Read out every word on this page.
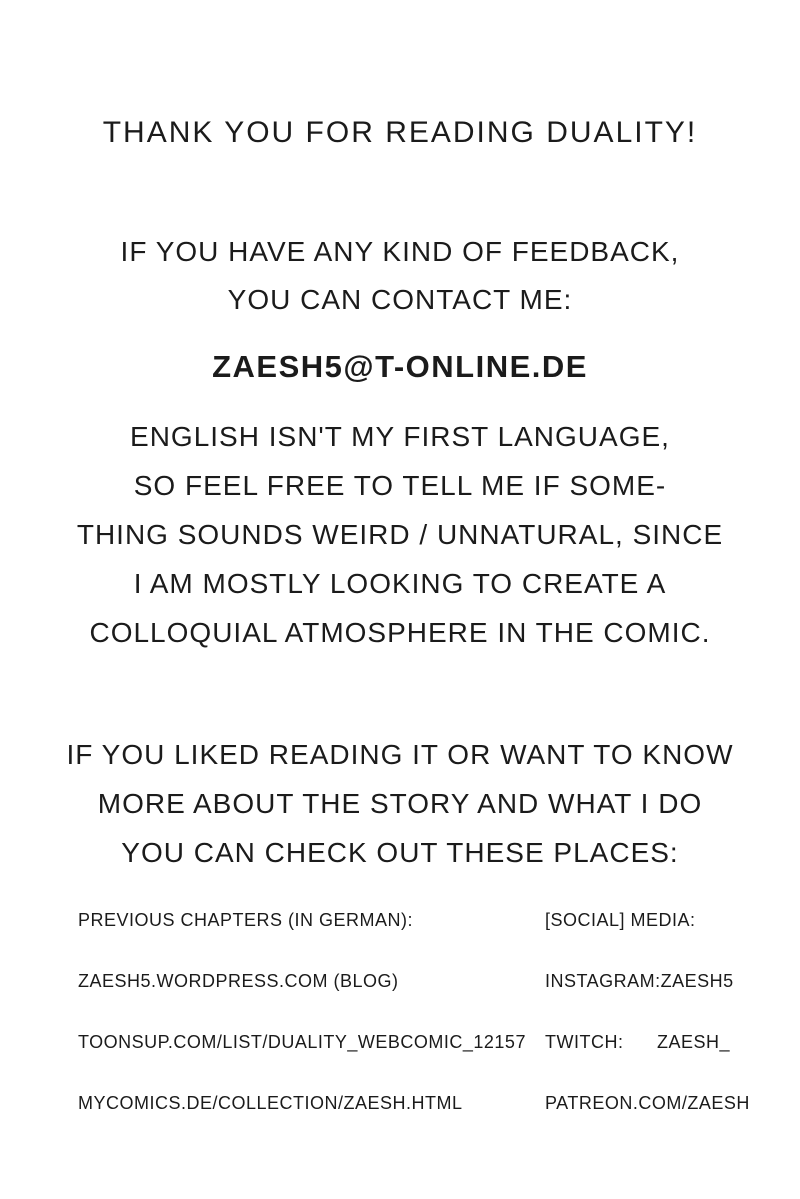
THANK YOU FOR READING DUALITY!

IF YOU HAVE ANY KIND OF FEEDBACK,

YOU CAN CONTACT ME:

ZAESH5@T-ONLINE.DE

ENGLISH ISN'T MY FIRST LANGUAGE,

SO FEEL FREE TO TELL ME IF SOME-

THING SOUNDS WEIRD / UNNATURAL, SINCE

I AM MOSTLY LOOKING TO CREATE A

COLLOQUIAL ATMOSPHERE IN THE COMIC.

IF YOU LIKED READING IT OR WANT TO KNOW

MORE ABOUT THE STORY AND WHAT I DO

YOU CAN CHECK OUT THESE PLACES:

PREVIOUS CHAPTERS (IN GERMAN):
ZAESH5.WORDPRESS.COM (BLOG)
TOONSUP.COM/LIST/DUALITY_WEBCOMIC_12157
MYCOMICS.DE/COLLECTION/ZAESH.HTML
[SOCIAL] MEDIA:
INSTAGRAM:ZAESH5
TWITCH: ZAESH_
PATREON.COM/ZAESH
